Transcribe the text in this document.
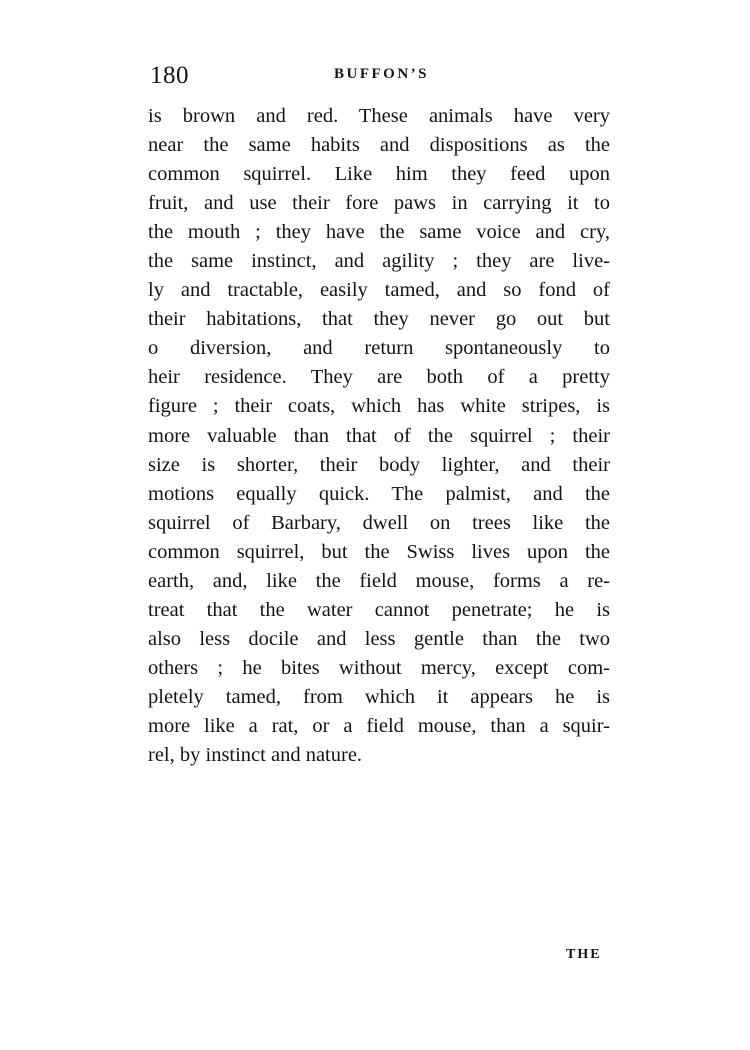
180	BUFFON’S
is brown and red. These animals have very
near the same habits and dispositions as the
common squirrel. Like him they feed upon
fruit, and use their fore paws in carrying it to
the mouth ; they have the same voice and cry,
the same instinct, and agility ; they are live-
ly and tractable, easily tamed, and so fond of
their habitations, that they never go out but
o diversion, and return spontaneously to
heir residence. They are both of a pretty
figure ; their coats, which has white stripes, is
more valuable than that of the squirrel ; their
size is shorter, their body lighter, and their
motions equally quick. The palmist, and the
squirrel of Barbary, dwell on trees like the
common squirrel, but the Swiss lives upon the
earth, and, like the field mouse, forms a re-
treat that the water cannot penetrate; he is
also less docile and less gentle than the two
others ; he bites without mercy, except com-
pletely tamed, from which it appears he is
more like a rat, or a field mouse, than a squir-
rel, by instinct and nature.
THE
